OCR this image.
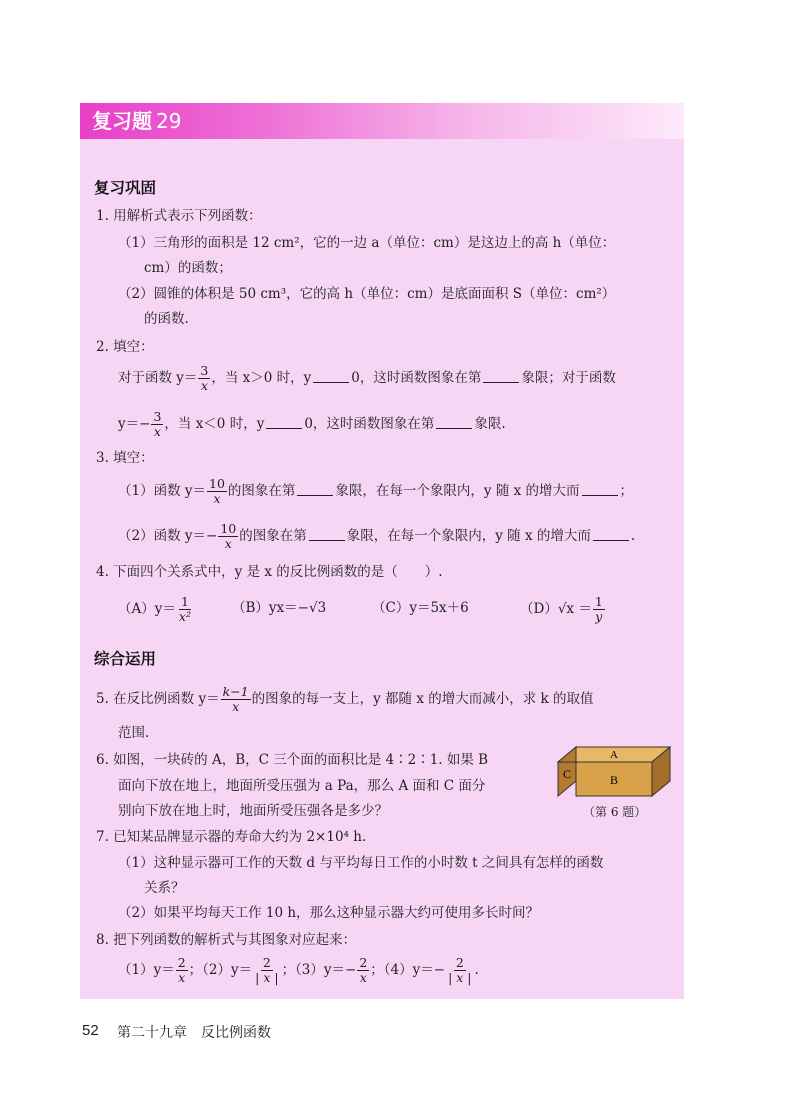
复习题 29
复习巩固
1. 用解析式表示下列函数：
（1）三角形的面积是 12 cm²，它的一边 a（单位：cm）是这边上的高 h（单位：
cm）的函数；
（2）圆锥的体积是 50 cm³，它的高 h（单位：cm）是底面面积 S（单位：cm²）
的函数.
2. 填空：
对于函数 $y= \frac{3}{x}$ ，当 x＞0 时，y	0，这时函数图象在第	象限；对于函数
$y=- \frac{3}{x}$ ，当 x＜0 时，y	0，这时函数图象在第	象限.
3. 填空：
（1）函数 $y= \frac{10}{x}$ 的图象在第	象限，在每一个象限内，y 随 x 的增大而	；
（2）函数 $y=- \frac{10}{x}$ 的图象在第	象限，在每一个象限内，y 随 x 的增大而	.
4. 下面四个关系式中，y 是 x 的反比例函数的是（　　）.
$(A)y= \frac{1}{\text{x²}}$	（B）yx＝−√3	（C）y＝5x＋6	$(D)√x = \frac{1}{y}$
综合运用
5. 在反比例函数 $y= \frac{k-1}{x}$ 的图象的每一支上，y 都随 x 的增大而减小，求 k 的取值
范围.
6. 如图，一块砖的 A，B，C 三个面的面积比是 4∶2∶1. 如果 B
面向下放在地上，地面所受压强为 a Pa，那么 A 面和 C 面分
别向下放在地上时，地面所受压强各是多少？
A
B
C
（第 6 题）
7. 已知某品牌显示器的寿命大约为 2×10⁴ h.
（1）这种显示器可工作的天数 d 与平均每日工作的小时数 t 之间具有怎样的函数
关系？
（2）如果平均每天工作 10 h，那么这种显示器大约可使用多长时间？
8. 把下列函数的解析式与其图象对应起来：
$(1)y= \frac{2}{x}$ ；$(2)y= \frac{2}{| x |}$ ；$(3)y=- \frac{2}{x}$ ；$(4)y=- \frac{2}{| x |}$ .
52 第二十九章　反比例函数
